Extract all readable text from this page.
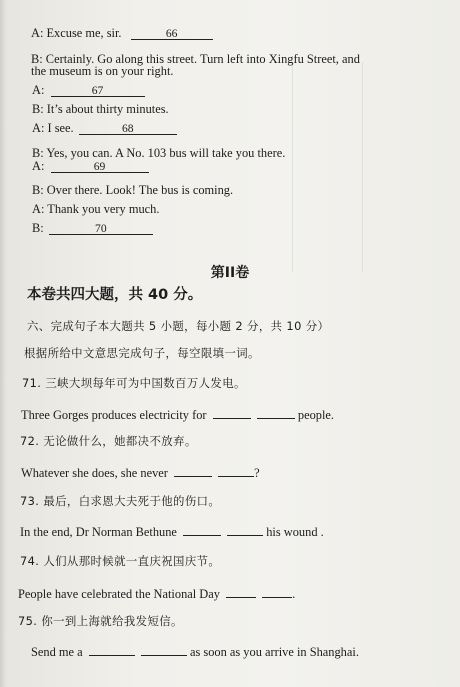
A: Excuse me, sir.	66
B: Certainly. Go along this street. Turn left into Xingfu Street, and
the museum is on your right.
A:	67
B: It’s about thirty minutes.
A: I see.	68
B: Yes, you can. A No. 103 bus will take you there.
A:	69
B: Over there. Look! The bus is coming.
A: Thank you very much.
B:	70
第II卷
本卷共四大题，共 40 分。
六、完成句子本大题共 5 小题，每小题 2 分，共 10 分）
根据所给中文意思完成句子，每空限填一词。
71. 三峡大坝每年可为中国数百万人发电。
Three Gorges produces electricity for	people.
72. 无论做什么，她都决不放弃。
Whatever she does, she never	?
73. 最后，白求恩大夫死于他的伤口。
In the end, Dr Norman Bethune	his wound .
74. 人们从那时候就一直庆祝国庆节。
People have celebrated the National Day	.
75. 你一到上海就给我发短信。
Send me a	as soon as you arrive in Shanghai.
